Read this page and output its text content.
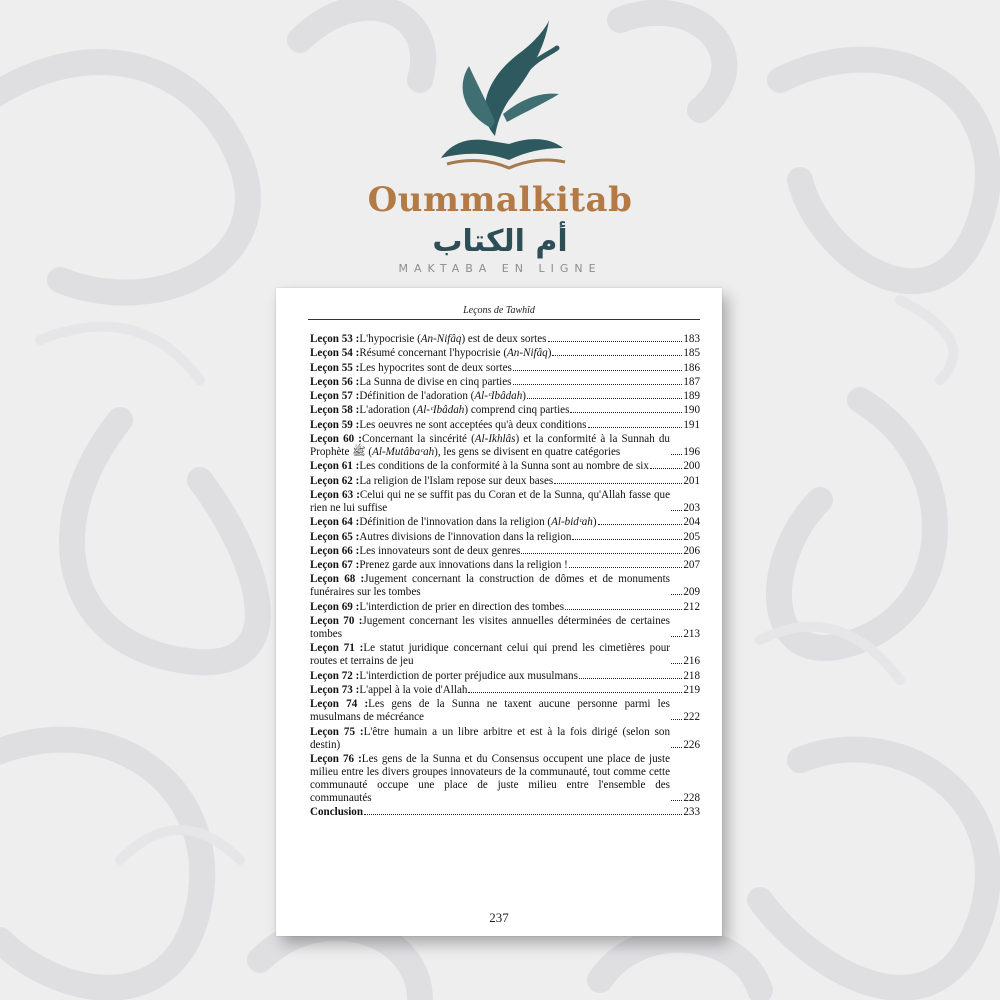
Oummalkitab
أم الكتاب
MAKTABA EN LIGNE
Leçons de Tawhîd
Leçon 53 :L'hypocrisie (An-Nifâq) est de deux sortes	183
Leçon 54 :Résumé concernant l'hypocrisie (An-Nifâq)	185
Leçon 55 :Les hypocrites sont de deux sortes	186
Leçon 56 :La Sunna de divise en cinq parties	187
Leçon 57 :Définition de l'adoration (Al-ᶜIbâdah)	189
Leçon 58 :L'adoration (Al-ᶜIbâdah) comprend cinq parties	190
Leçon 59 :Les oeuvres ne sont acceptées qu'à deux conditions	191
Leçon 60 :Concernant la sincérité (Al-Ikhlâs) et la conformité à la Sunnah du Prophète ﷺ (Al-Mutâbaᶜah), les gens se divisent en quatre catégories	196
Leçon 61 :Les conditions de la conformité à la Sunna sont au nombre de six	200
Leçon 62 :La religion de l'Islam repose sur deux bases	201
Leçon 63 :Celui qui ne se suffit pas du Coran et de la Sunna, qu'Allah fasse que rien ne lui suffise	203
Leçon 64 :Définition de l'innovation dans la religion (Al-bidᶜah)	204
Leçon 65 :Autres divisions de l'innovation dans la religion	205
Leçon 66 :Les innovateurs sont de deux genres	206
Leçon 67 :Prenez garde aux innovations dans la religion !	207
Leçon 68 :Jugement concernant la construction de dômes et de monuments funéraires sur les tombes	209
Leçon 69 :L'interdiction de prier en direction des tombes	212
Leçon 70 :Jugement concernant les visites annuelles déterminées de certaines tombes	213
Leçon 71 :Le statut juridique concernant celui qui prend les cimetières pour routes et terrains de jeu	216
Leçon 72 :L'interdiction de porter préjudice aux musulmans	218
Leçon 73 :L'appel à la voie d'Allah	219
Leçon 74 :Les gens de la Sunna ne taxent aucune personne parmi les musulmans de mécréance	222
Leçon 75 :L'être humain a un libre arbitre et est à la fois dirigé (selon son destin)	226
Leçon 76 :Les gens de la Sunna et du Consensus occupent une place de juste milieu entre les divers groupes innovateurs de la communauté, tout comme cette communauté occupe une place de juste milieu entre l'ensemble des communautés	228
Conclusion	233
237
